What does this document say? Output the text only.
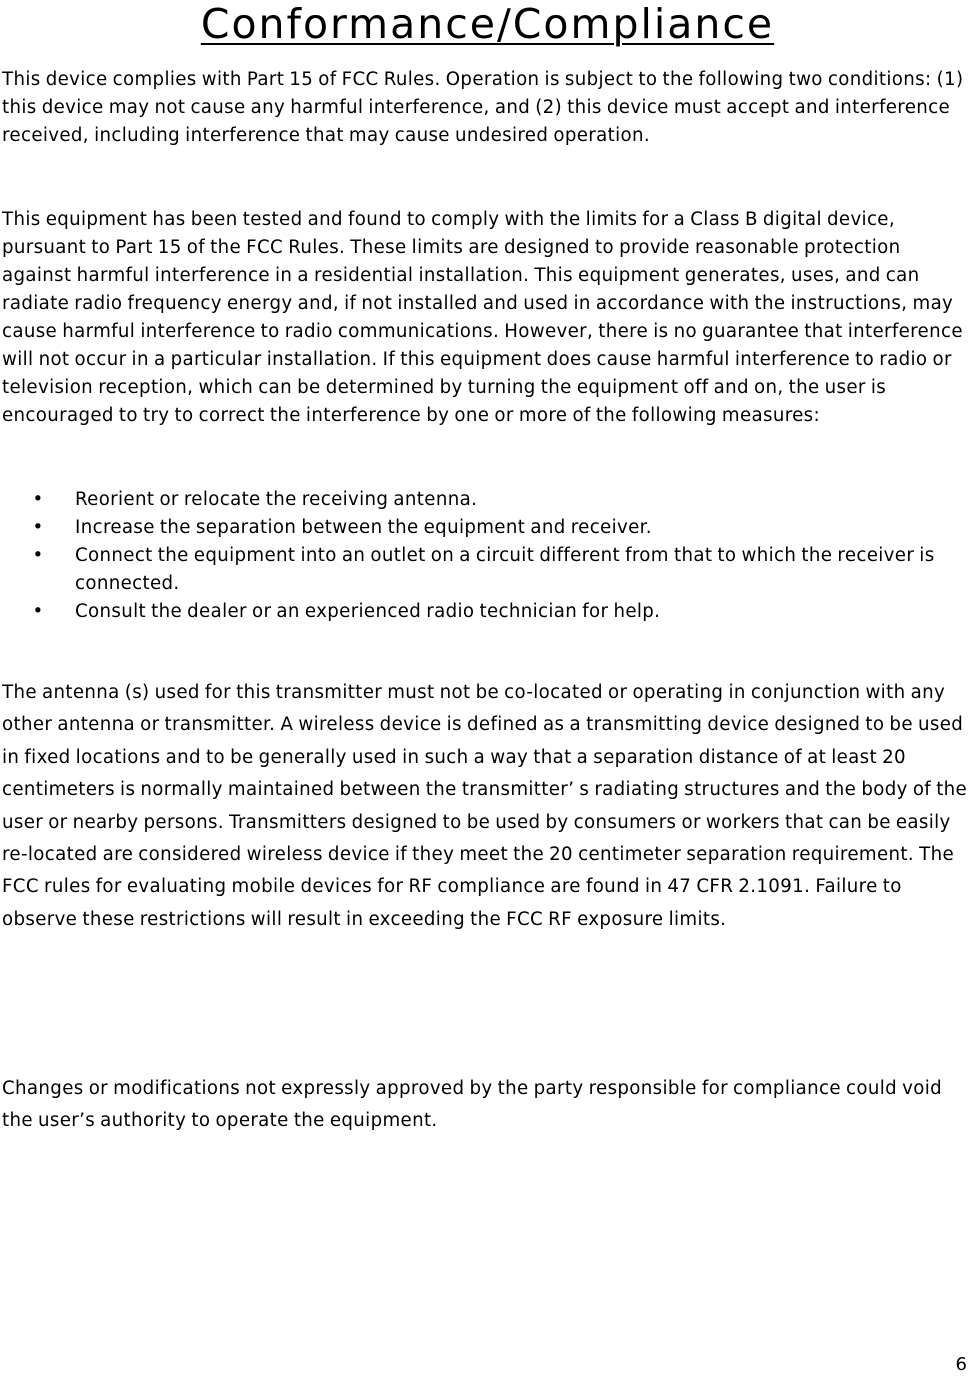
Conformance/Compliance

This device complies with Part 15 of FCC Rules. Operation is subject to the following two conditions: (1) this device may not cause any harmful interference, and (2) this device must accept and interference received, including interference that may cause undesired operation.

This equipment has been tested and found to comply with the limits for a Class B digital device, pursuant to Part 15 of the FCC Rules. These limits are designed to provide reasonable protection against harmful interference in a residential installation. This equipment generates, uses, and can radiate radio frequency energy and, if not installed and used in accordance with the instructions, may cause harmful interference to radio communications. However, there is no guarantee that interference will not occur in a particular installation. If this equipment does cause harmful interference to radio or television reception, which can be determined by turning the equipment off and on, the user is encouraged to try to correct the interference by one or more of the following measures:

• Reorient or relocate the receiving antenna.
• Increase the separation between the equipment and receiver.
• Connect the equipment into an outlet on a circuit different from that to which the receiver is connected.
• Consult the dealer or an experienced radio technician for help.

The antenna (s) used for this transmitter must not be co-located or operating in conjunction with any other antenna or transmitter. A wireless device is defined as a transmitting device designed to be used in fixed locations and to be generally used in such a way that a separation distance of at least 20 centimeters is normally maintained between the transmitter’ s radiating structures and the body of the user or nearby persons. Transmitters designed to be used by consumers or workers that can be easily re-located are considered wireless device if they meet the 20 centimeter separation requirement. The FCC rules for evaluating mobile devices for RF compliance are found in 47 CFR 2.1091. Failure to observe these restrictions will result in exceeding the FCC RF exposure limits.

Changes or modifications not expressly approved by the party responsible for compliance could void the user’s authority to operate the equipment.

6
